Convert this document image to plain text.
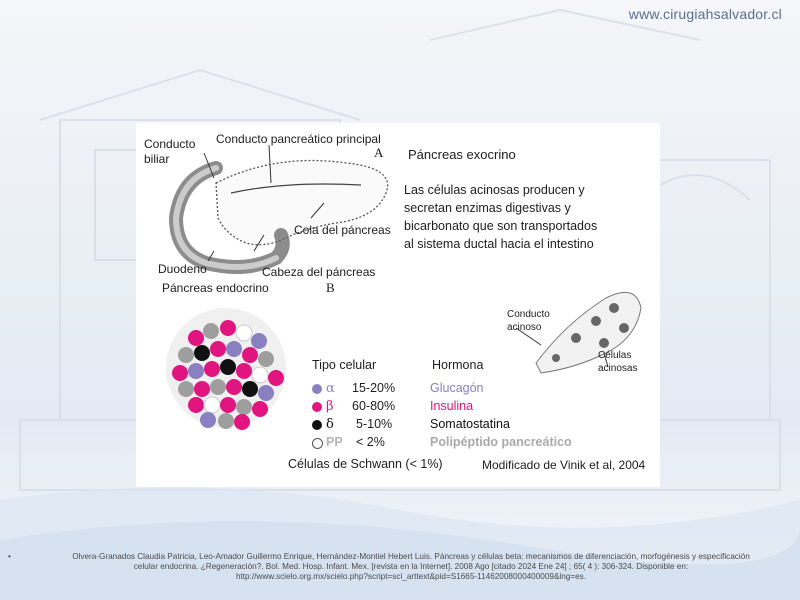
www.cirugiahsalvador.cl
Conducto
biliar
Conducto pancreático principal
A
Cola del páncreas
Duodeno	Cabeza del páncreas
Páncreas endocrino	B
Conducto
acinoso
Células
acinosas
Páncreas exocrino
Las células acinosas producen y
secretan enzimas digestivas y
bicarbonato que son transportados
al sistema ductal hacia el intestino
Tipo celular	Hormona
α 15-20%	Glucagón
β 60-80%	Insulina
δ 5-10%	Somatostatina
PP < 2%	Polipéptido pancreático
Células de Schwann (< 1%)	Modificado de Vinik et al, 2004
•	Olvera-Granados Claudia Patricia, Leo-Amador Guillermo Enrique, Hernández-Montiel Hebert Luis. Páncreas y células beta: mecanismos de diferenciación, morfogénesis y especificación
celular endocrina. ¿Regeneración?. Bol. Med. Hosp. Infant. Mex. [revista en la Internet]. 2008 Ago [citado 2024 Ene 24] ; 65( 4 ): 306-324. Disponible en:
http://www.scielo.org.mx/scielo.php?script=sci_arttext&pid=S1665-11462008000400009&lng=es.
